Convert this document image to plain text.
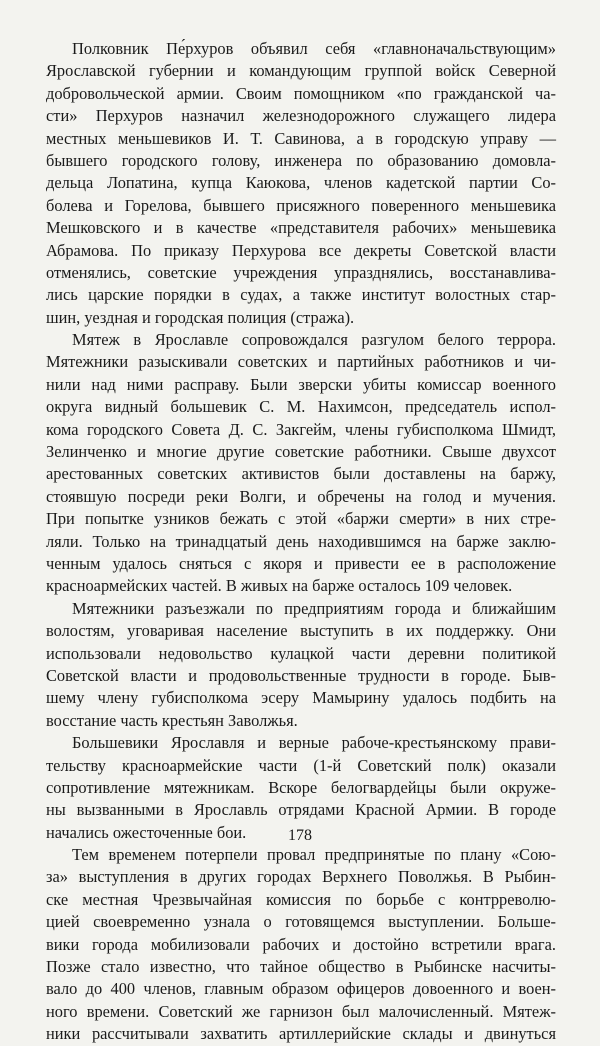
Полковник Пе́рхуров объявил себя «главноначальствующим»
Ярославской губернии и командующим группой войск Северной
добровольческой армии. Своим помощником «по гражданской ча-
сти» Перхуров назначил железнодорожного служащего лидера
местных меньшевиков И. Т. Савинова, а в городскую управу —
бывшего городского голову, инженера по образованию домовла-
дельца Лопатина, купца Каюкова, членов кадетской партии Со-
болева и Горелова, бывшего присяжного поверенного меньшевика
Мешковского и в качестве «представителя рабочих» меньшевика
Абрамова. По приказу Перхурова все декреты Советской власти
отменялись, советские учреждения упразднялись, восстанавлива-
лись царские порядки в судах, а также институт волостных стар-
шин, уездная и городская полиция (стража).
Мятеж в Ярославле сопровождался разгулом белого террора.
Мятежники разыскивали советских и партийных работников и чи-
нили над ними расправу. Были зверски убиты комиссар военного
округа видный большевик С. М. Нахимсон, председатель испол-
кома городского Совета Д. С. Закгейм, члены губисполкома Шмидт,
Зелинченко и многие другие советские работники. Свыше двухсот
арестованных советских активистов были доставлены на баржу,
стоявшую посреди реки Волги, и обречены на голод и мучения.
При попытке узников бежать с этой «баржи смерти» в них стре-
ляли. Только на тринадцатый день находившимся на барже заклю-
ченным удалось сняться с якоря и привести ее в расположение
красноармейских частей. В живых на барже осталось 109 человек.
Мятежники разъезжали по предприятиям города и ближайшим
волостям, уговаривая население выступить в их поддержку. Они
использовали недовольство кулацкой части деревни политикой
Советской власти и продовольственные трудности в городе. Быв-
шему члену губисполкома эсеру Мамырину удалось подбить на
восстание часть крестьян Заволжья.
Большевики Ярославля и верные рабоче-крестьянскому прави-
тельству красноармейские части (1-й Советский полк) оказали
сопротивление мятежникам. Вскоре белогвардейцы были окруже-
ны вызванными в Ярославль отрядами Красной Армии. В городе
начались ожесточенные бои.
Тем временем потерпели провал предпринятые по плану «Сою-
за» выступления в других городах Верхнего Поволжья. В Рыбин-
ске местная Чрезвычайная комиссия по борьбе с контрреволю-
цией своевременно узнала о готовящемся выступлении. Больше-
вики города мобилизовали рабочих и достойно встретили врага.
Позже стало известно, что тайное общество в Рыбинске насчиты-
вало до 400 членов, главным образом офицеров довоенного и воен-
ного времени. Советский же гарнизон был малочисленный. Мятеж-
ники рассчитывали захватить артиллерийские склады и двинуться
178
